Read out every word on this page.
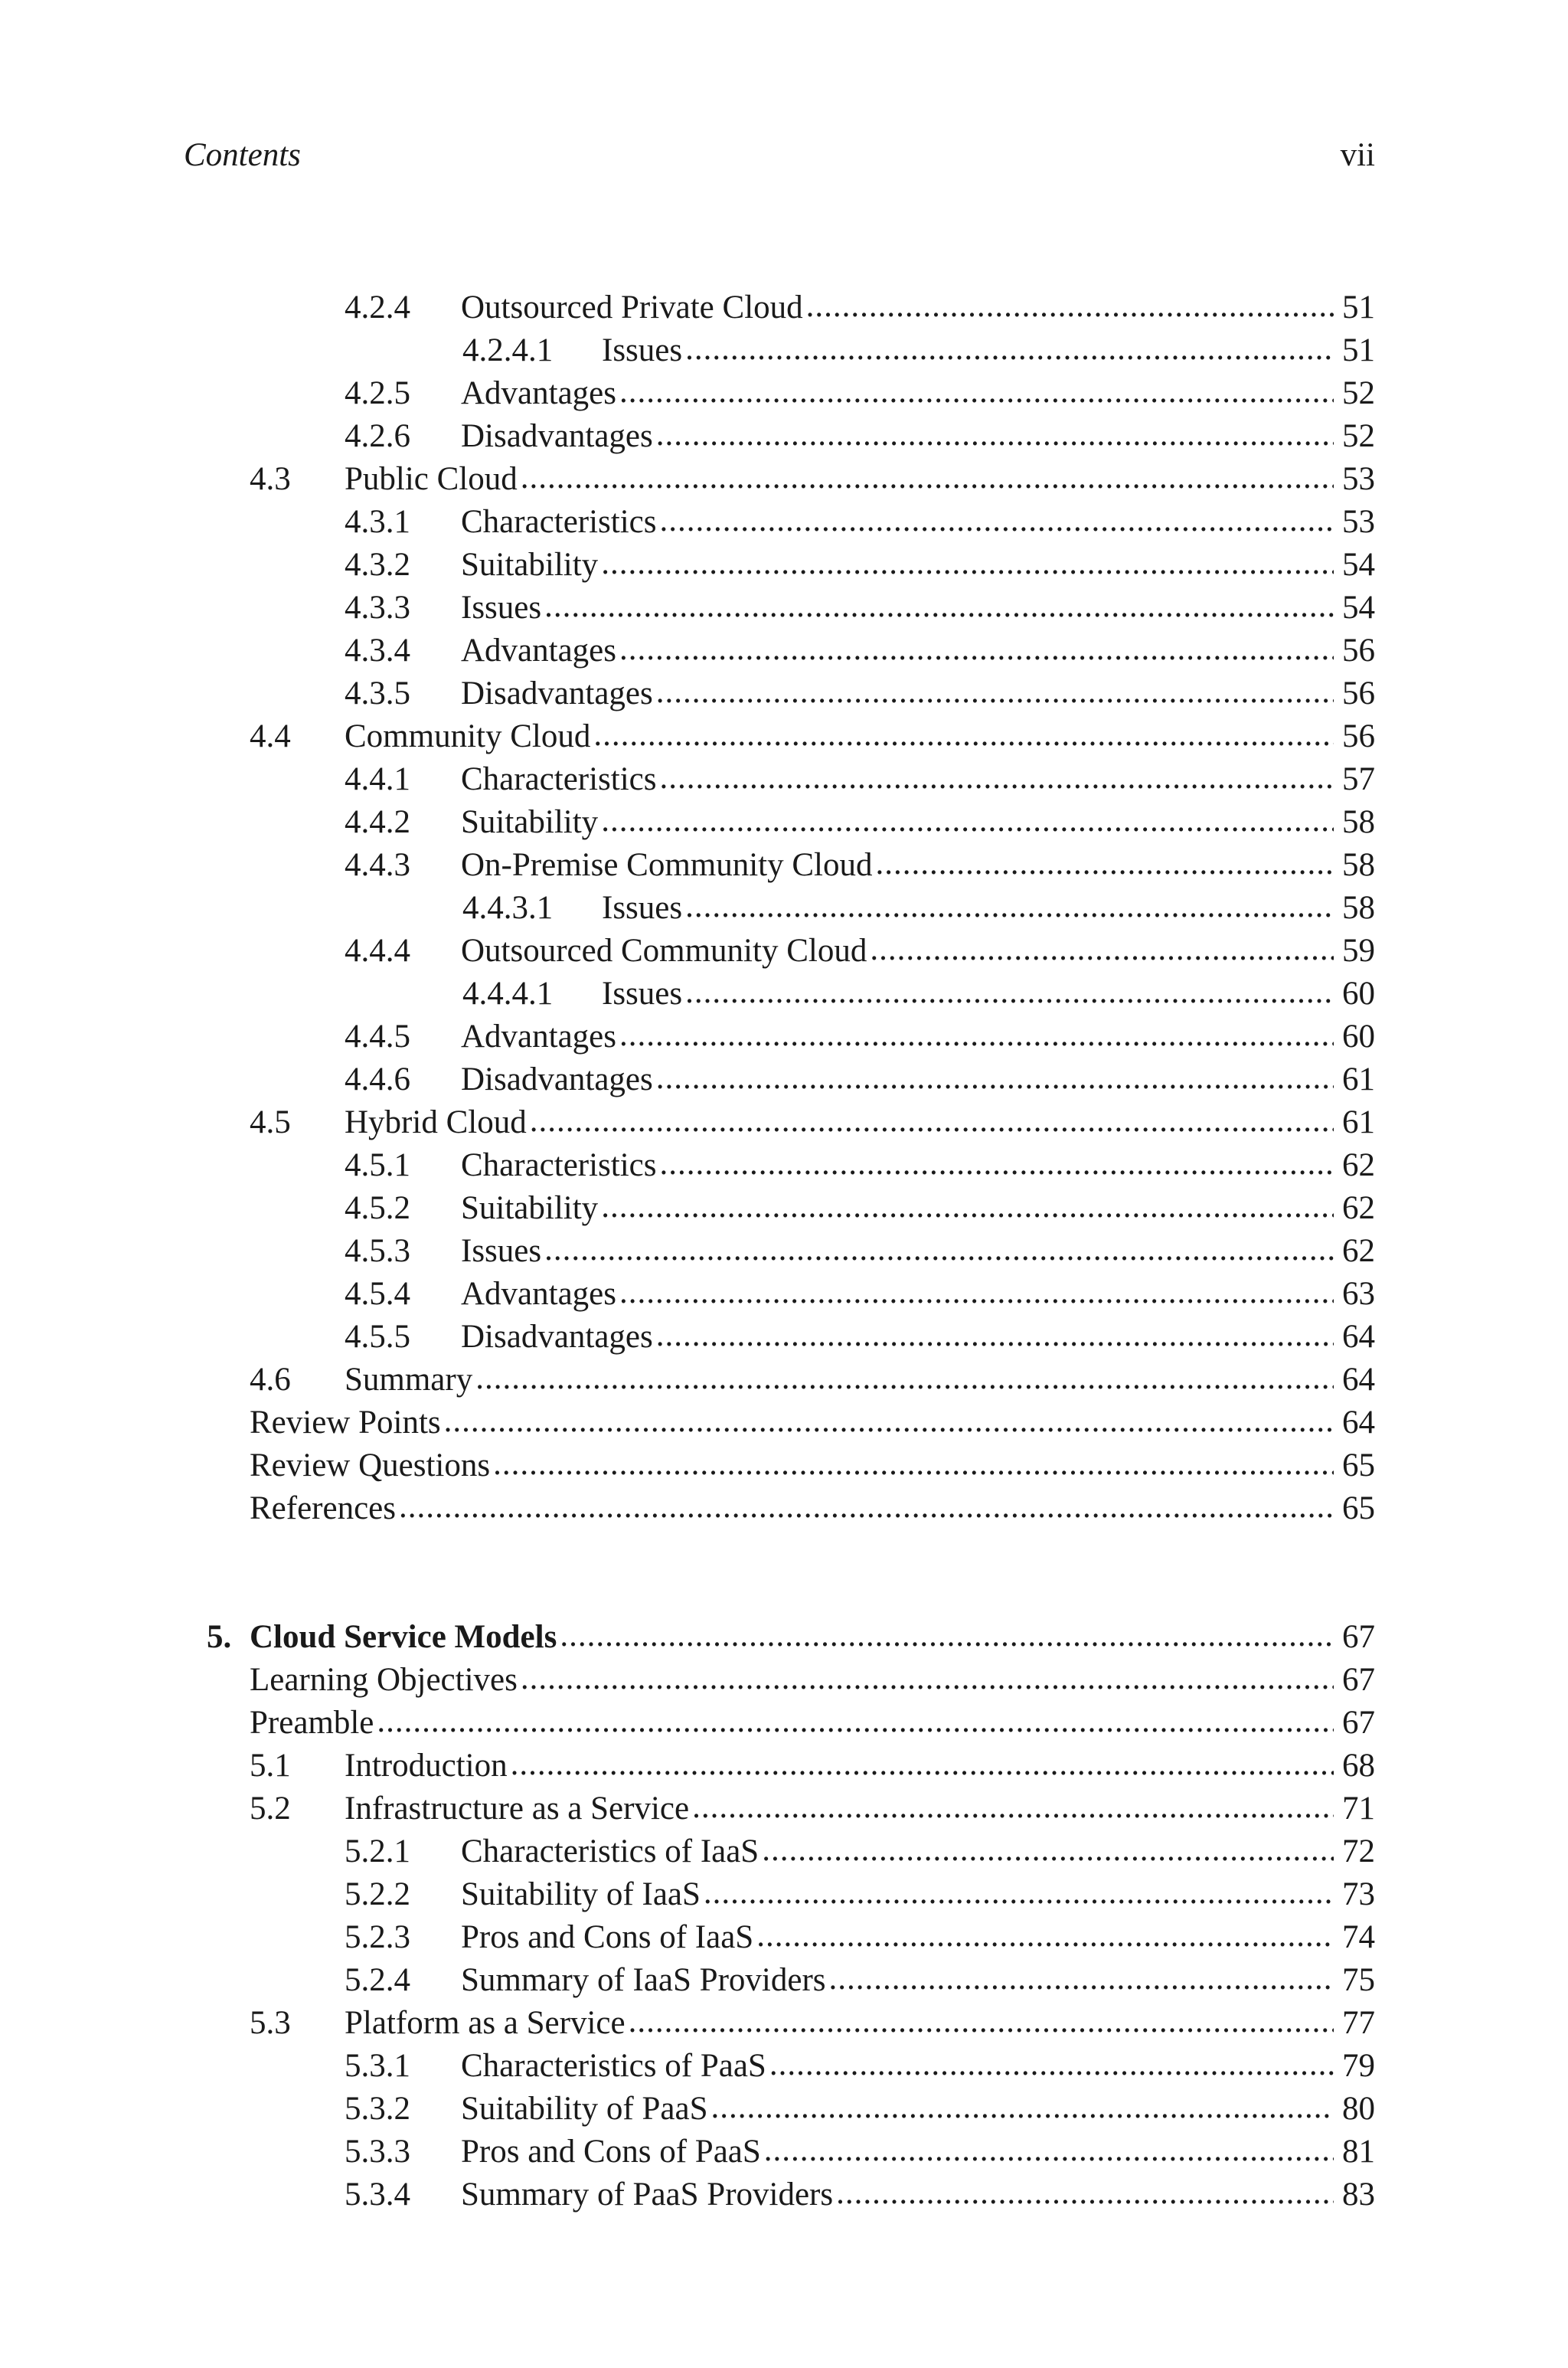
Contents	vii
4.2.4	Outsourced Private Cloud .....	51
4.2.4.1	Issues .....	51
4.2.5	Advantages .....	52
4.2.6	Disadvantages .....	52
4.3	Public Cloud .....	53
4.3.1	Characteristics .....	53
4.3.2	Suitability .....	54
4.3.3	Issues .....	54
4.3.4	Advantages .....	56
4.3.5	Disadvantages .....	56
4.4	Community Cloud .....	56
4.4.1	Characteristics .....	57
4.4.2	Suitability .....	58
4.4.3	On-Premise Community Cloud .....	58
4.4.3.1	Issues .....	58
4.4.4	Outsourced Community Cloud .....	59
4.4.4.1	Issues .....	60
4.4.5	Advantages .....	60
4.4.6	Disadvantages .....	61
4.5	Hybrid Cloud .....	61
4.5.1	Characteristics .....	62
4.5.2	Suitability .....	62
4.5.3	Issues .....	62
4.5.4	Advantages .....	63
4.5.5	Disadvantages .....	64
4.6	Summary .....	64
Review Points .....	64
Review Questions .....	65
References .....	65
5. Cloud Service Models .....	67
Learning Objectives .....	67
Preamble .....	67
5.1	Introduction .....	68
5.2	Infrastructure as a Service .....	71
5.2.1	Characteristics of IaaS .....	72
5.2.2	Suitability of IaaS .....	73
5.2.3	Pros and Cons of IaaS .....	74
5.2.4	Summary of IaaS Providers .....	75
5.3	Platform as a Service .....	77
5.3.1	Characteristics of PaaS .....	79
5.3.2	Suitability of PaaS .....	80
5.3.3	Pros and Cons of PaaS .....	81
5.3.4	Summary of PaaS Providers .....	83
